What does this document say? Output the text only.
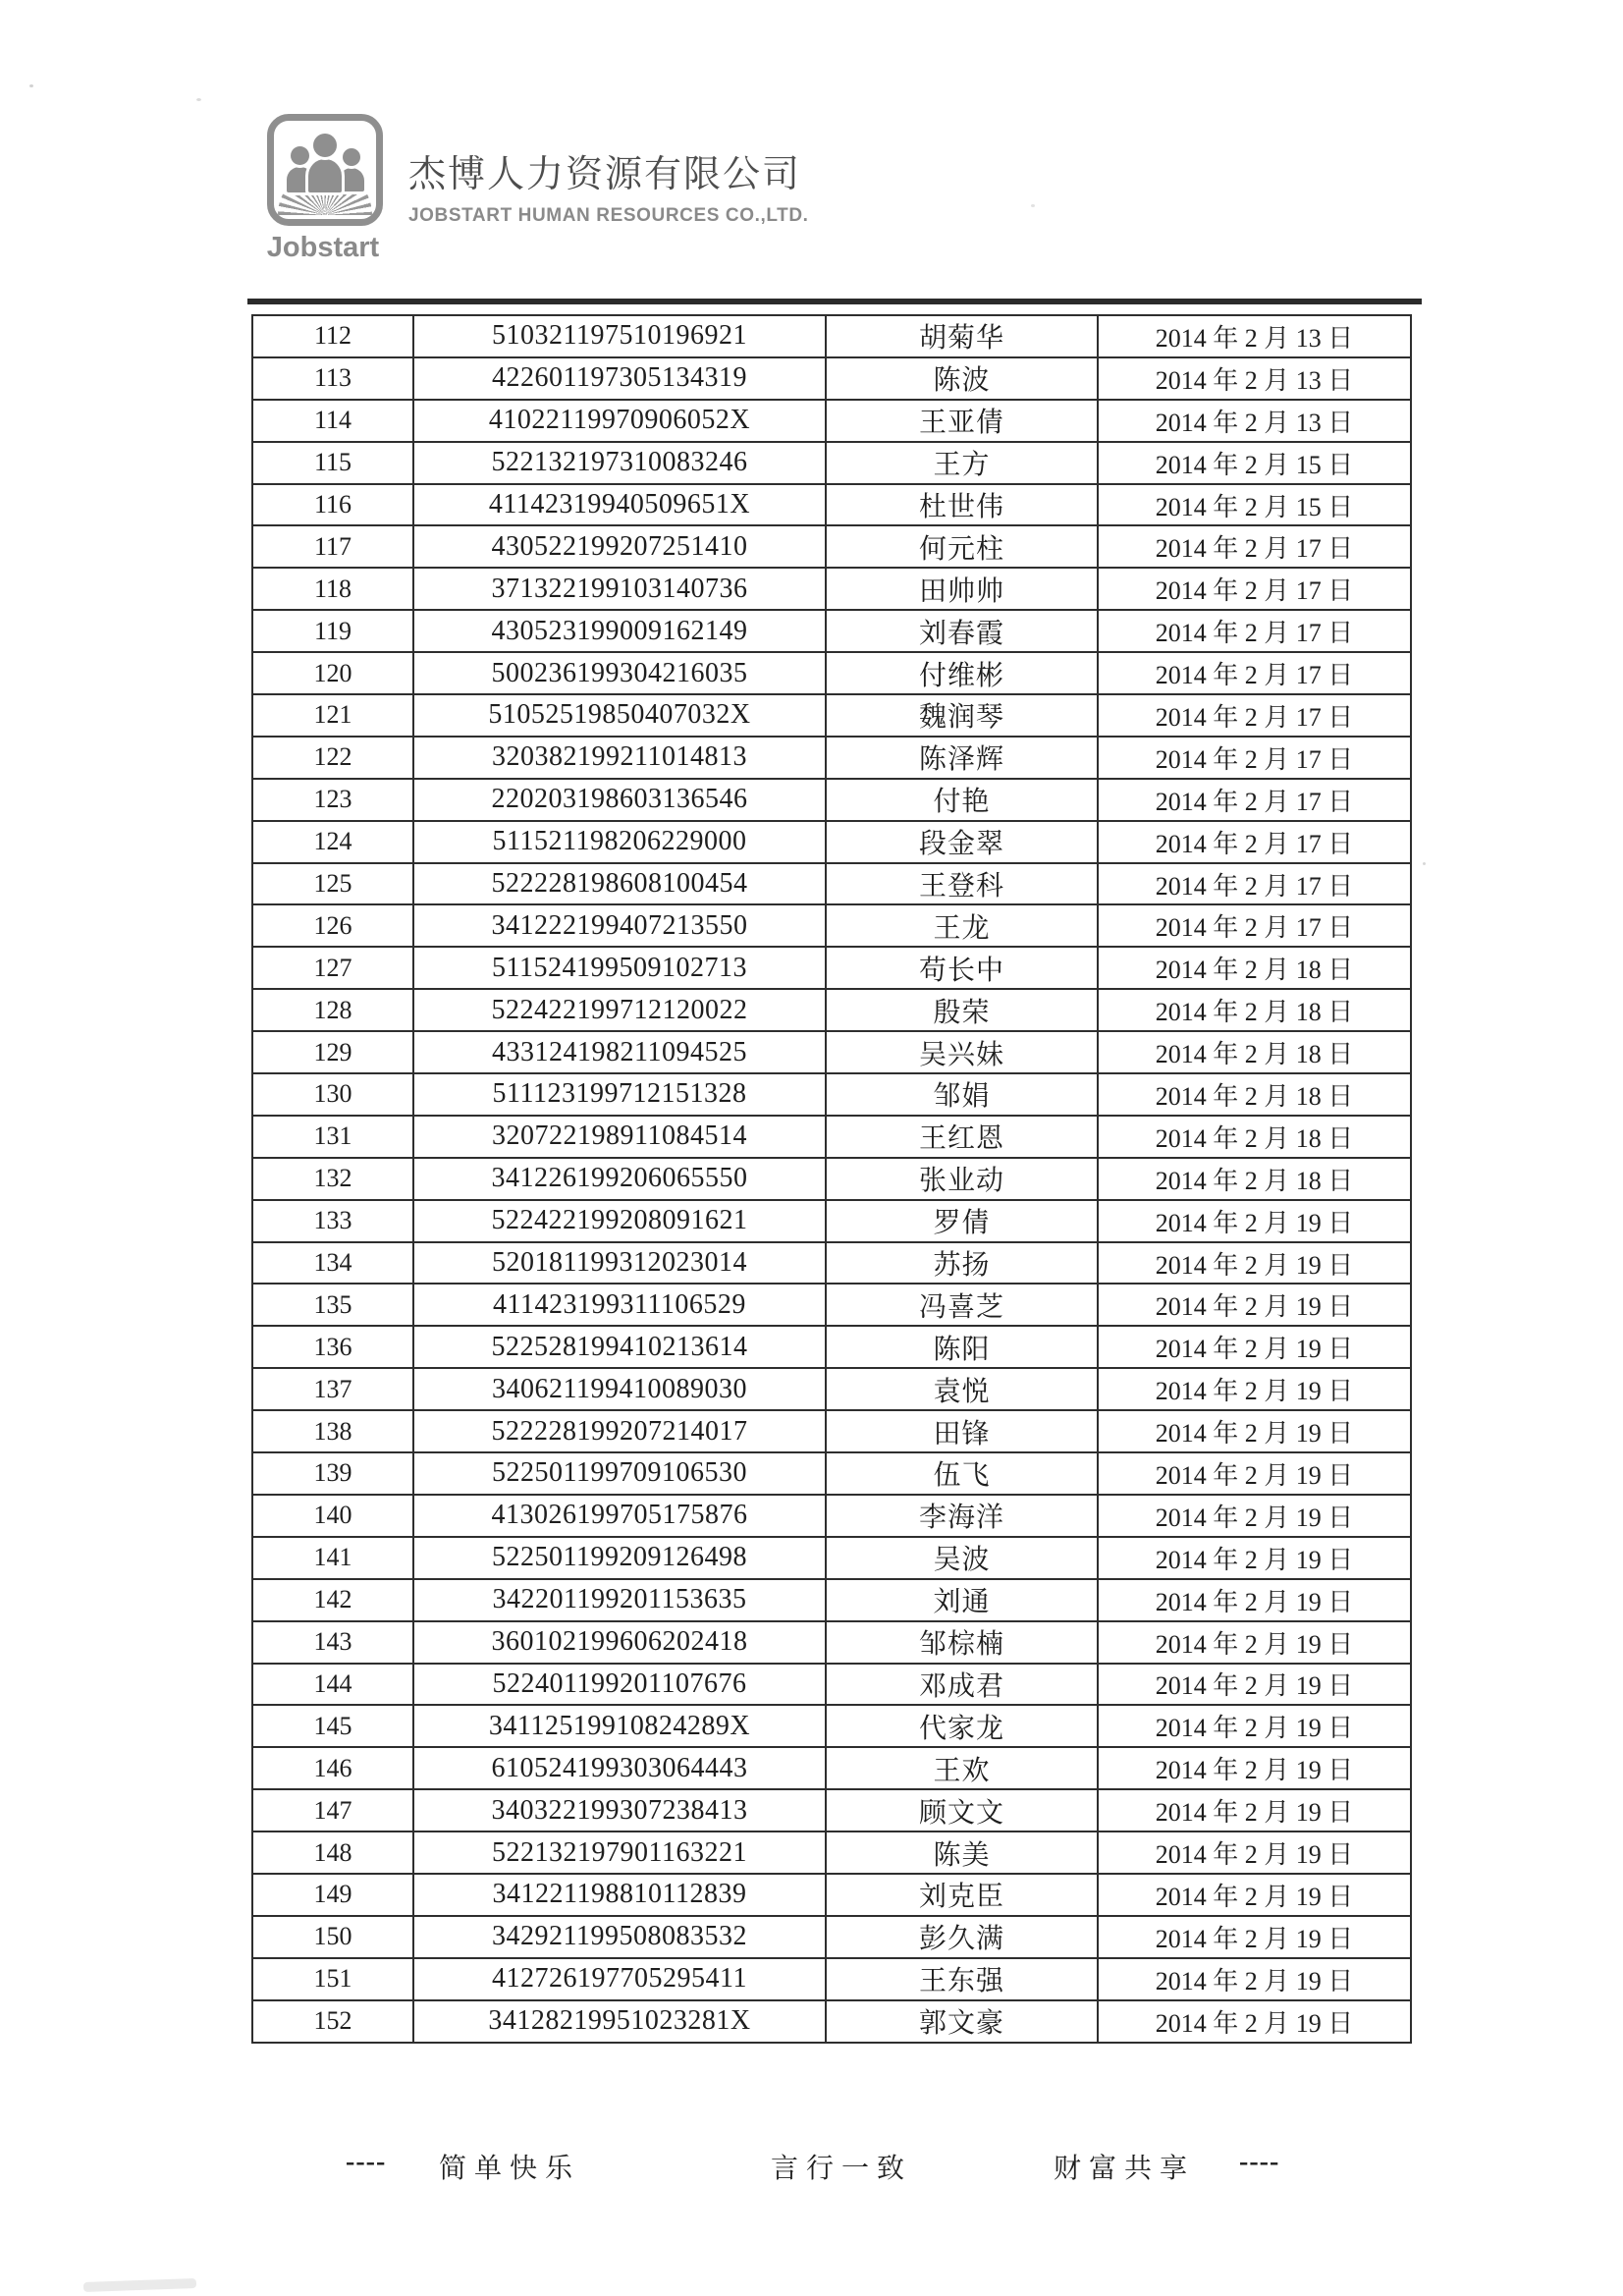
Jobstart
杰博人力资源有限公司
JOBSTART HUMAN RESOURCES CO.,LTD.
112	510321197510196921	胡菊华	2014 年 2 月 13 日
113	422601197305134319	陈波	2014 年 2 月 13 日
114	41022119970906052X	王亚倩	2014 年 2 月 13 日
115	522132197310083246	王方	2014 年 2 月 15 日
116	41142319940509651X	杜世伟	2014 年 2 月 15 日
117	430522199207251410	何元柱	2014 年 2 月 17 日
118	371322199103140736	田帅帅	2014 年 2 月 17 日
119	430523199009162149	刘春霞	2014 年 2 月 17 日
120	500236199304216035	付维彬	2014 年 2 月 17 日
121	51052519850407032X	魏润琴	2014 年 2 月 17 日
122	320382199211014813	陈泽辉	2014 年 2 月 17 日
123	220203198603136546	付艳	2014 年 2 月 17 日
124	511521198206229000	段金翠	2014 年 2 月 17 日
125	522228198608100454	王登科	2014 年 2 月 17 日
126	341222199407213550	王龙	2014 年 2 月 17 日
127	511524199509102713	苟长中	2014 年 2 月 18 日
128	522422199712120022	殷荣	2014 年 2 月 18 日
129	433124198211094525	吴兴妹	2014 年 2 月 18 日
130	511123199712151328	邹娟	2014 年 2 月 18 日
131	320722198911084514	王红恩	2014 年 2 月 18 日
132	341226199206065550	张业动	2014 年 2 月 18 日
133	522422199208091621	罗倩	2014 年 2 月 19 日
134	520181199312023014	苏扬	2014 年 2 月 19 日
135	411423199311106529	冯喜芝	2014 年 2 月 19 日
136	522528199410213614	陈阳	2014 年 2 月 19 日
137	340621199410089030	袁悦	2014 年 2 月 19 日
138	522228199207214017	田锋	2014 年 2 月 19 日
139	522501199709106530	伍飞	2014 年 2 月 19 日
140	413026199705175876	李海洋	2014 年 2 月 19 日
141	522501199209126498	吴波	2014 年 2 月 19 日
142	342201199201153635	刘通	2014 年 2 月 19 日
143	360102199606202418	邹棕楠	2014 年 2 月 19 日
144	522401199201107676	邓成君	2014 年 2 月 19 日
145	34112519910824289X	代家龙	2014 年 2 月 19 日
146	610524199303064443	王欢	2014 年 2 月 19 日
147	340322199307238413	顾文文	2014 年 2 月 19 日
148	522132197901163221	陈美	2014 年 2 月 19 日
149	341221198810112839	刘克臣	2014 年 2 月 19 日
150	342921199508083532	彭久满	2014 年 2 月 19 日
151	412726197705295411	王东强	2014 年 2 月 19 日
152	34128219951023281X	郭文豪	2014 年 2 月 19 日
---- 简单快乐	言行一致	财富共享 ----
